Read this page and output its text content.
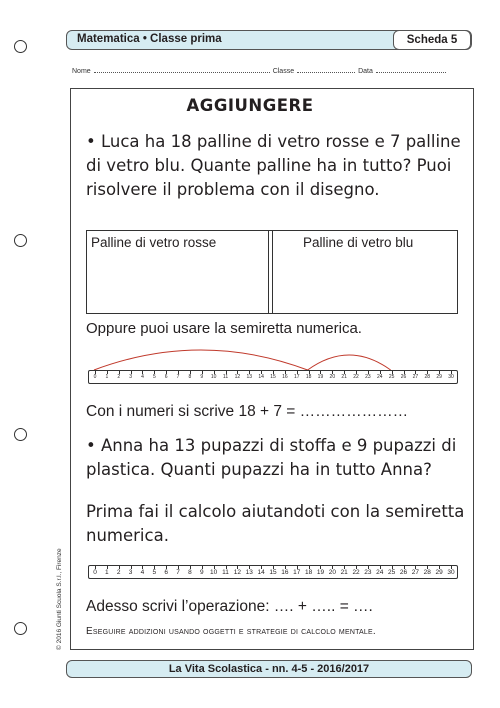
Matematica • Classe prima	Scheda 5
Nome	Classe	Data
AGGIUNGERE
• Luca ha 18 palline di vetro rosse e 7 palline di vetro blu. Quante palline ha in tutto? Puoi risolvere il problema con il disegno.
Palline di vetro rosse	Palline di vetro blu
Oppure puoi usare la semiretta numerica.
0 1 2 3 4 5 6 7 8 9 10 11 12 13 14 15 16 17 18 19 20 21 22 23 24 25 26 27 28 29 30
Con i numeri si scrive 18 + 7 = …………………
• Anna ha 13 pupazzi di stoffa e 9 pupazzi di plastica. Quanti pupazzi ha in tutto Anna?
Prima fai il calcolo aiutandoti con la semiretta numerica.
0 1 2 3 4 5 6 7 8 9 10 11 12 13 14 15 16 17 18 19 20 21 22 23 24 25 26 27 28 29 30
Adesso scrivi l’operazione: …. + ….. = ….
Eseguire addizioni usando oggetti e strategie di calcolo mentale.
La Vita Scolastica - nn. 4-5 - 2016/2017
© 2016 Giunti Scuola S.r.l., Firenze
